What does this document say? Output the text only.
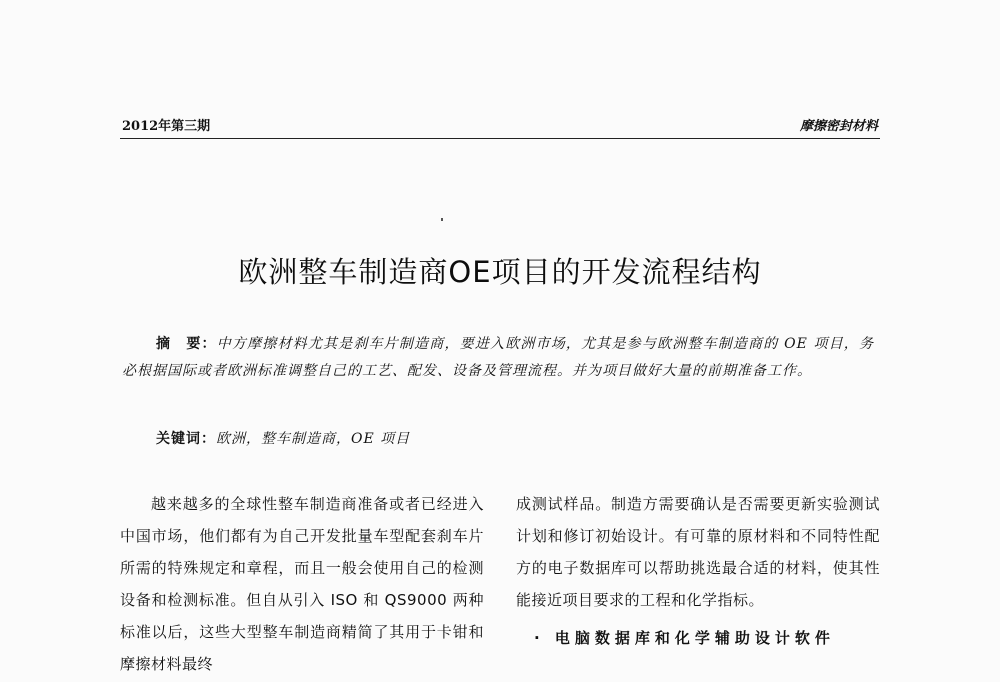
2012年第三期	摩擦密封材料
欧洲整车制造商OE项目的开发流程结构
摘　要：中方摩擦材料尤其是刹车片制造商，要进入欧洲市场，尤其是参与欧洲整车制造商的 OE 项目，务必根据国际或者欧洲标准调整自己的工艺、配发、设备及管理流程。并为项目做好大量的前期准备工作。
关键词：欧洲，整车制造商，OE 项目
越来越多的全球性整车制造商准备或者已经进入中国市场，他们都有为自己开发批量车型配套刹车片所需的特殊规定和章程，而且一般会使用自己的检测设备和检测标准。但自从引入 ISO 和 QS9000 两种标准以后，这些大型整车制造商精简了其用于卡钳和摩擦材料最终
成测试样品。制造方需要确认是否需要更新实验测试计划和修订初始设计。有可靠的原材料和不同特性配方的电子数据库可以帮助挑选最合适的材料，使其性能接近项目要求的工程和化学指标。
· 电脑数据库和化学辅助设计软件
